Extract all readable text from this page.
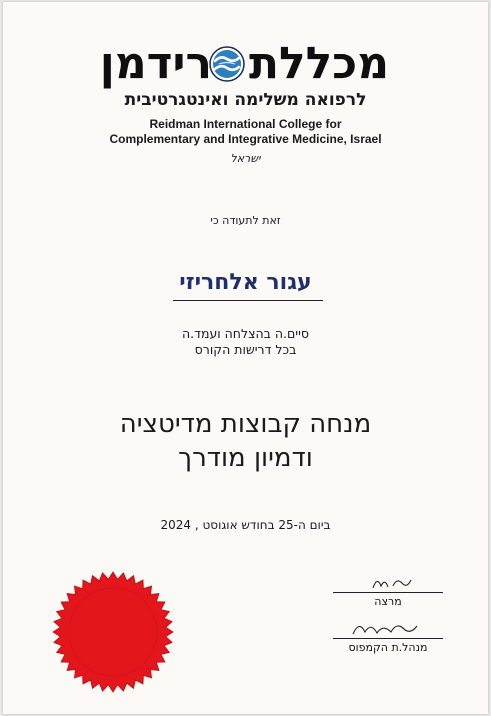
מכללת
רידמן
לרפואה משלימה ואינטגרטיבית
Reidman International College for
Complementary and Integrative Medicine, Israel
ישראל
זאת לתעודה כי
עגור אלחריזי
סיים.ה בהצלחה ועמד.ה
בכל דרישות הקורס
מנחה קבוצות מדיטציה
ודמיון מודרך
ביום ה-25 בחודש אוגוסט , 2024
מרצה
מנהל.ת הקמפוס
